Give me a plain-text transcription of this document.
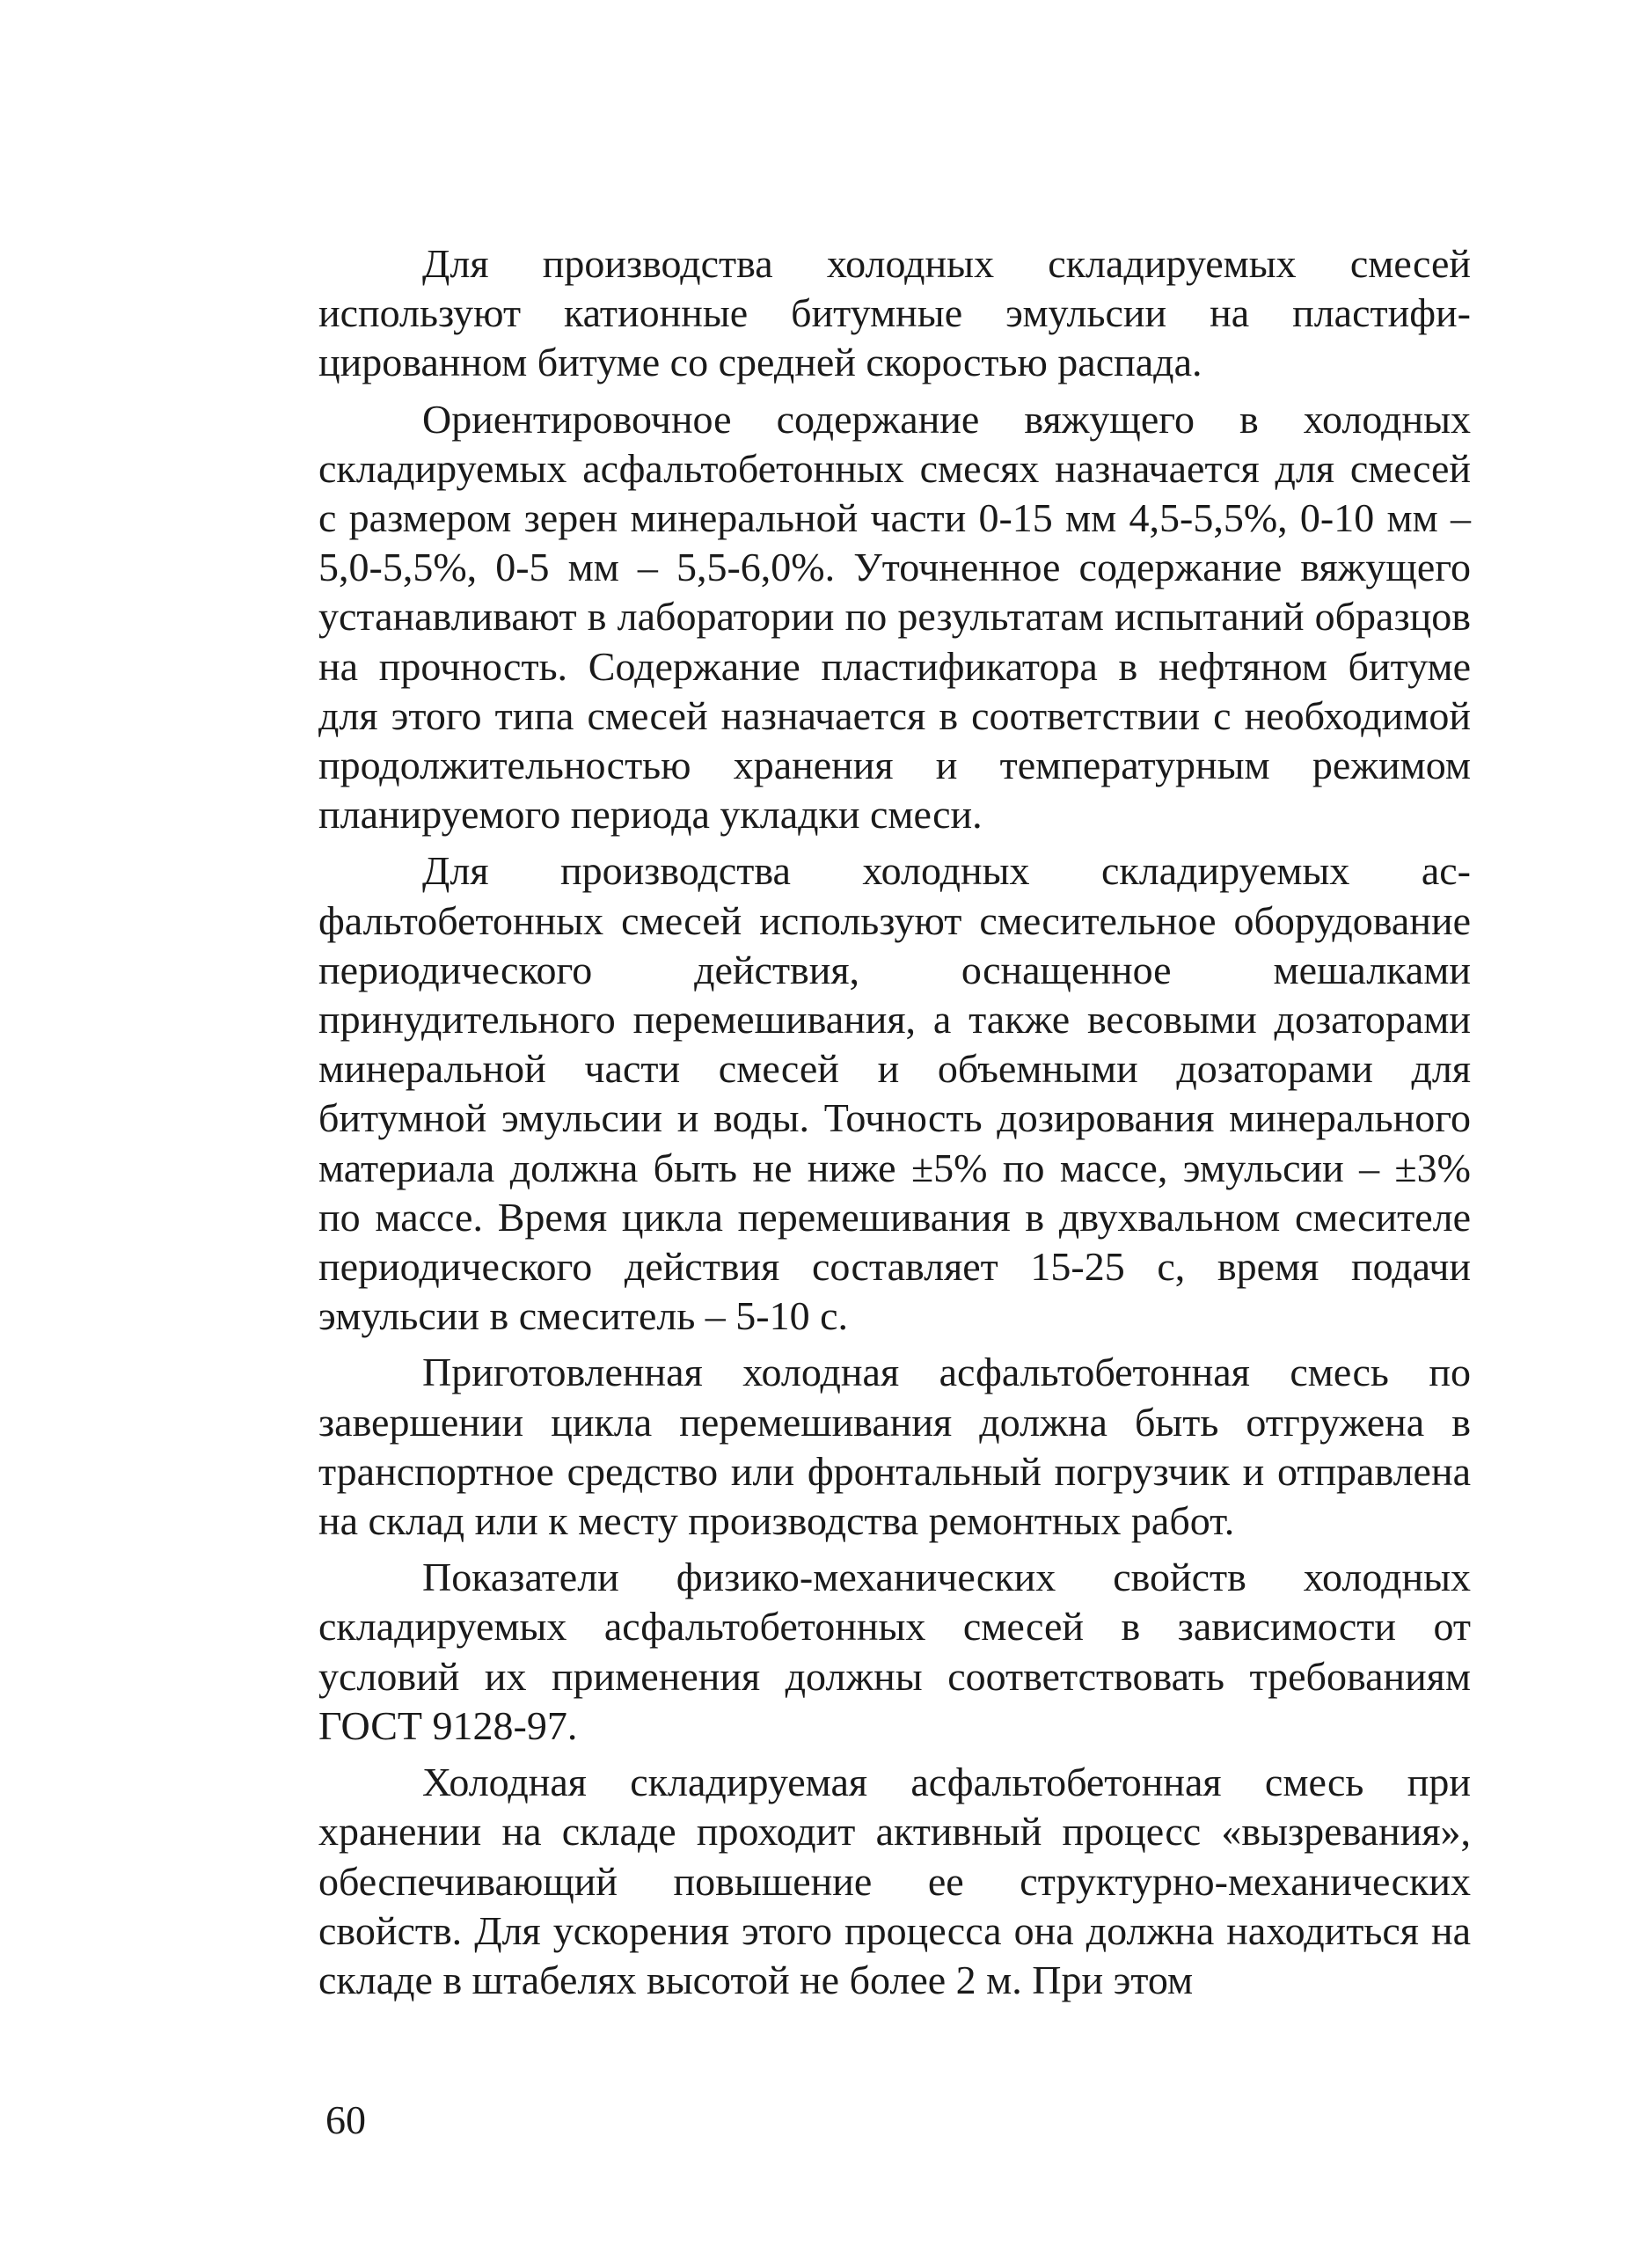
Для производства холодных складируемых смесей используют катионные битумные эмульсии на пластифицированном битуме со средней скоростью распада.

Ориентировочное содержание вяжущего в холодных складируемых асфальтобетонных смесях назначается для смесей с размером зерен минеральной части 0-15 мм 4,5-5,5%, 0-10 мм – 5,0-5,5%, 0-5 мм – 5,5-6,0%. Уточненное содержание вяжущего устанавливают в лаборатории по результатам испытаний образцов на прочность. Содержание пластификатора в нефтяном битуме для этого типа смесей назначается в соответствии с необходимой продолжительностью хранения и температурным режимом планируемого периода укладки смеси.

Для производства холодных складируемых асфальтобетонных смесей используют смесительное оборудование периодического действия, оснащенное мешалками принудительного перемешивания, а также весовыми дозаторами минеральной части смесей и объемными дозаторами для битумной эмульсии и воды. Точность дозирования минерального материала должна быть не ниже ±5% по массе, эмульсии – ±3% по массе. Время цикла перемешивания в двухвальном смесителе периодического действия составляет 15-25 с, время подачи эмульсии в смеситель – 5-10 с.

Приготовленная холодная асфальтобетонная смесь по завершении цикла перемешивания должна быть отгружена в транспортное средство или фронтальный погрузчик и отправлена на склад или к месту производства ремонтных работ.

Показатели физико-механических свойств холодных складируемых асфальтобетонных смесей в зависимости от условий их применения должны соответствовать требованиям ГОСТ 9128-97.

Холодная складируемая асфальтобетонная смесь при хранении на складе проходит активный процесс «вызревания», обеспечивающий повышение ее структурно-механических свойств. Для ускорения этого процесса она должна находиться на складе в штабелях высотой не более 2 м. При этом

60
